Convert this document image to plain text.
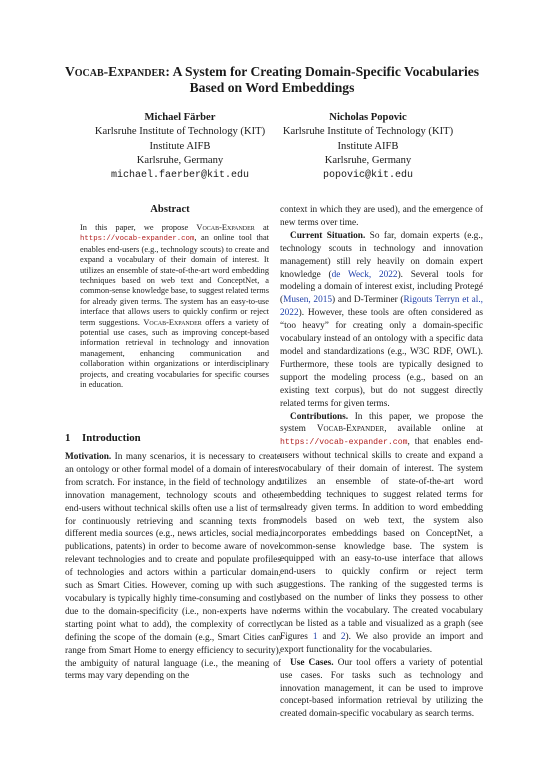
Vocab-Expander: A System for Creating Domain-Specific Vocabularies
Based on Word Embeddings
Michael Färber
Karlsruhe Institute of Technology (KIT)
Institute AIFB
Karlsruhe, Germany
michael.faerber@kit.edu
Nicholas Popovic
Karlsruhe Institute of Technology (KIT)
Institute AIFB
Karlsruhe, Germany
popovic@kit.edu
Abstract
In this paper, we propose Vocab-Expander at https://vocab-expander.com, an online tool that enables end-users (e.g., technology scouts) to create and expand a vocabulary of their domain of interest. It utilizes an ensemble of state-of-the-art word embedding techniques based on web text and ConceptNet, a common-sense knowledge base, to suggest related terms for already given terms. The system has an easy-to-use interface that allows users to quickly confirm or reject term suggestions. Vocab-Expander offers a variety of potential use cases, such as improving concept-based information retrieval in technology and innovation management, enhancing communication and collaboration within organizations or interdisciplinary projects, and creating vocabularies for specific courses in education.
1 Introduction

Motivation. In many scenarios, it is necessary to create an ontology or other formal model of a domain of interest from scratch. For instance, in the field of technology and innovation management, technology scouts and other end-users without technical skills often use a list of terms for continuously retrieving and scanning texts from different media sources (e.g., news articles, social media, publications, patents) in order to become aware of novel relevant technologies and to create and populate profiles of technologies and actors within a particular domain, such as Smart Cities. However, coming up with such a vocabulary is typically highly time-consuming and costly due to the domain-specificity (i.e., non-experts have no starting point what to add), the complexity of correctly defining the scope of the domain (e.g., Smart Cities can range from Smart Home to energy efficiency to security), the ambiguity of natural language (i.e., the meaning of terms may vary depending on the

context in which they are used), and the emergence of new terms over time.

Current Situation. So far, domain experts (e.g., technology scouts in technology and innovation management) still rely heavily on domain expert knowledge (de Weck, 2022). Several tools for modeling a domain of interest exist, including Protegé (Musen, 2015) and D-Terminer (Rigouts Terryn et al., 2022). However, these tools are often considered as “too heavy” for creating only a domain-specific vocabulary instead of an ontology with a specific data model and standardizations (e.g., W3C RDF, OWL). Furthermore, these tools are typically designed to support the modeling process (e.g., based on an existing text corpus), but do not suggest directly related terms for given terms.

Contributions. In this paper, we propose the system Vocab-Expander, available online at https://vocab-expander.com, that enables end-users without technical skills to create and expand a vocabulary of their domain of interest. The system utilizes an ensemble of state-of-the-art word embedding techniques to suggest related terms for already given terms. In addition to word embedding models based on web text, the system also incorporates embeddings based on ConceptNet, a common-sense knowledge base. The system is equipped with an easy-to-use interface that allows end-users to quickly confirm or reject term suggestions. The ranking of the suggested terms is based on the number of links they possess to other terms within the vocabulary. The created vocabulary can be listed as a table and visualized as a graph (see Figures 1 and 2). We also provide an import and export functionality for the vocabularies.

Use Cases. Our tool offers a variety of potential use cases. For tasks such as technology and innovation management, it can be used to improve concept-based information retrieval by utilizing the created domain-specific vocabulary as search terms.
